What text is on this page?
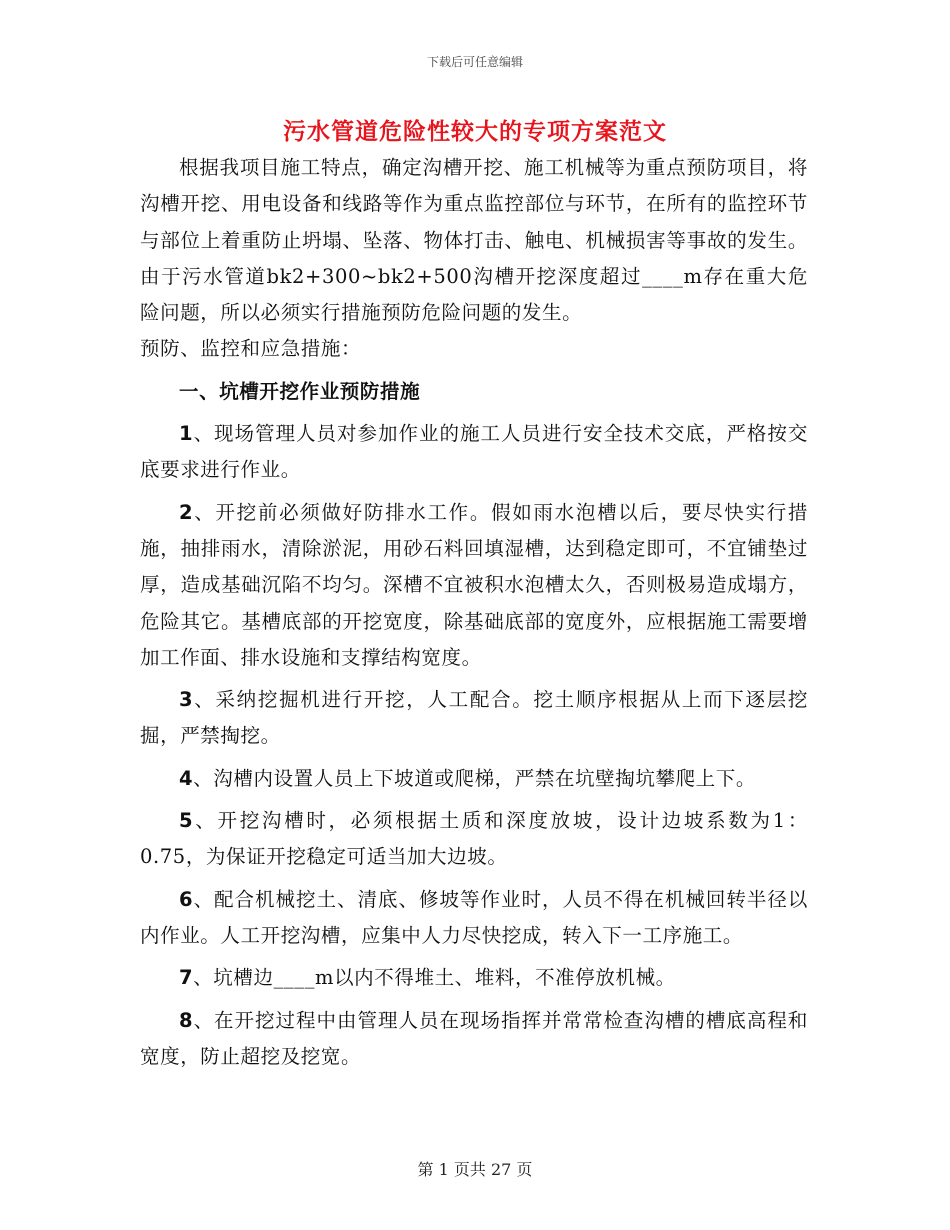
下载后可任意编辑
污水管道危险性较大的专项方案范文

根据我项目施工特点，确定沟槽开挖、施工机械等为重点预防项目，将沟槽开挖、用电设备和线路等作为重点监控部位与环节，在所有的监控环节与部位上着重防止坍塌、坠落、物体打击、触电、机械损害等事故的发生。由于污水管道bk2+300~bk2+500沟槽开挖深度超过____m存在重大危险问题，所以必须实行措施预防危险问题的发生。

预防、监控和应急措施：

一、坑槽开挖作业预防措施

1、现场管理人员对参加作业的施工人员进行安全技术交底，严格按交底要求进行作业。

2、开挖前必须做好防排水工作。假如雨水泡槽以后，要尽快实行措施，抽排雨水，清除淤泥，用砂石料回填湿槽，达到稳定即可，不宜铺垫过厚，造成基础沉陷不均匀。深槽不宜被积水泡槽太久，否则极易造成塌方，危险其它。基槽底部的开挖宽度，除基础底部的宽度外，应根据施工需要增加工作面、排水设施和支撑结构宽度。

3、采纳挖掘机进行开挖，人工配合。挖土顺序根据从上而下逐层挖掘，严禁掏挖。

4、沟槽内设置人员上下坡道或爬梯，严禁在坑壁掏坑攀爬上下。

5、开挖沟槽时，必须根据土质和深度放坡，设计边坡系数为1：0.75，为保证开挖稳定可适当加大边坡。

6、配合机械挖土、清底、修坡等作业时，人员不得在机械回转半径以内作业。人工开挖沟槽，应集中人力尽快挖成，转入下一工序施工。

7、坑槽边____m以内不得堆土、堆料，不准停放机械。

8、在开挖过程中由管理人员在现场指挥并常常检查沟槽的槽底高程和宽度，防止超挖及挖宽。

第 1 页共 27 页
